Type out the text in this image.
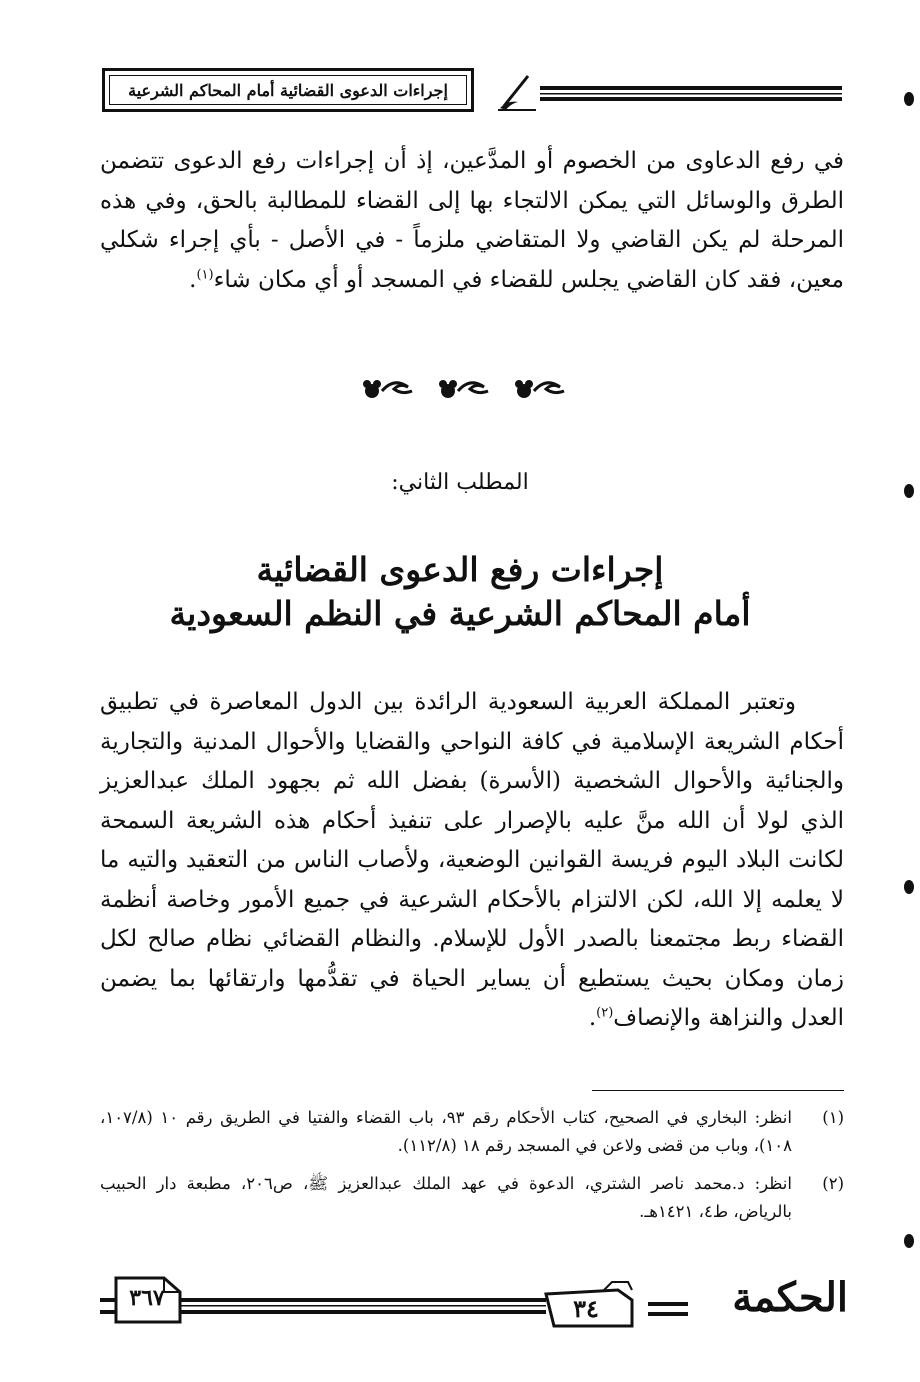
إجراءات الدعوى القضائية أمام المحاكم الشرعية

في رفع الدعاوى من الخصوم أو المدَّعين، إذ أن إجراءات رفع الدعوى تتضمن الطرق والوسائل التي يمكن الالتجاء بها إلى القضاء للمطالبة بالحق، وفي هذه المرحلة لم يكن القاضي ولا المتقاضي ملزماً - في الأصل - بأي إجراء شكلي معين، فقد كان القاضي يجلس للقضاء في المسجد أو أي مكان شاء$^{(١)}$.

المطلب الثاني:
إجراءات رفع الدعوى القضائية
أمام المحاكم الشرعية في النظم السعودية

وتعتبر المملكة العربية السعودية الرائدة بين الدول المعاصرة في تطبيق أحكام الشريعة الإسلامية في كافة النواحي والقضايا والأحوال المدنية والتجارية والجنائية والأحوال الشخصية (الأسرة) بفضل الله ثم بجهود الملك عبدالعزيز الذي لولا أن الله منَّ عليه بالإصرار على تنفيذ أحكام هذه الشريعة السمحة لكانت البلاد اليوم فريسة القوانين الوضعية، ولأصاب الناس من التعقيد والتيه ما لا يعلمه إلا الله، لكن الالتزام بالأحكام الشرعية في جميع الأمور وخاصة أنظمة القضاء ربط مجتمعنا بالصدر الأول للإسلام. والنظام القضائي نظام صالح لكل زمان ومكان بحيث يستطيع أن يساير الحياة في تقدُّمها وارتقائها بما يضمن العدل والنزاهة والإنصاف$^{(٢)}$.

(١)
انظر: البخاري في الصحيح، كتاب الأحكام رقم ٩٣، باب القضاء والفتيا في الطريق رقم ١٠ (١٠٧/٨، ١٠٨)، وباب من قضى ولاعن في المسجد رقم ١٨ (١١٢/٨).
(٢)
انظر: د.محمد ناصر الشتري، الدعوة في عهد الملك عبدالعزيز ﷺ، ص٢٠٦، مطبعة دار الحبيب بالرياض، ط٤، ١٤٢١هـ.
٣٦٧	٣٤	الحكمة
